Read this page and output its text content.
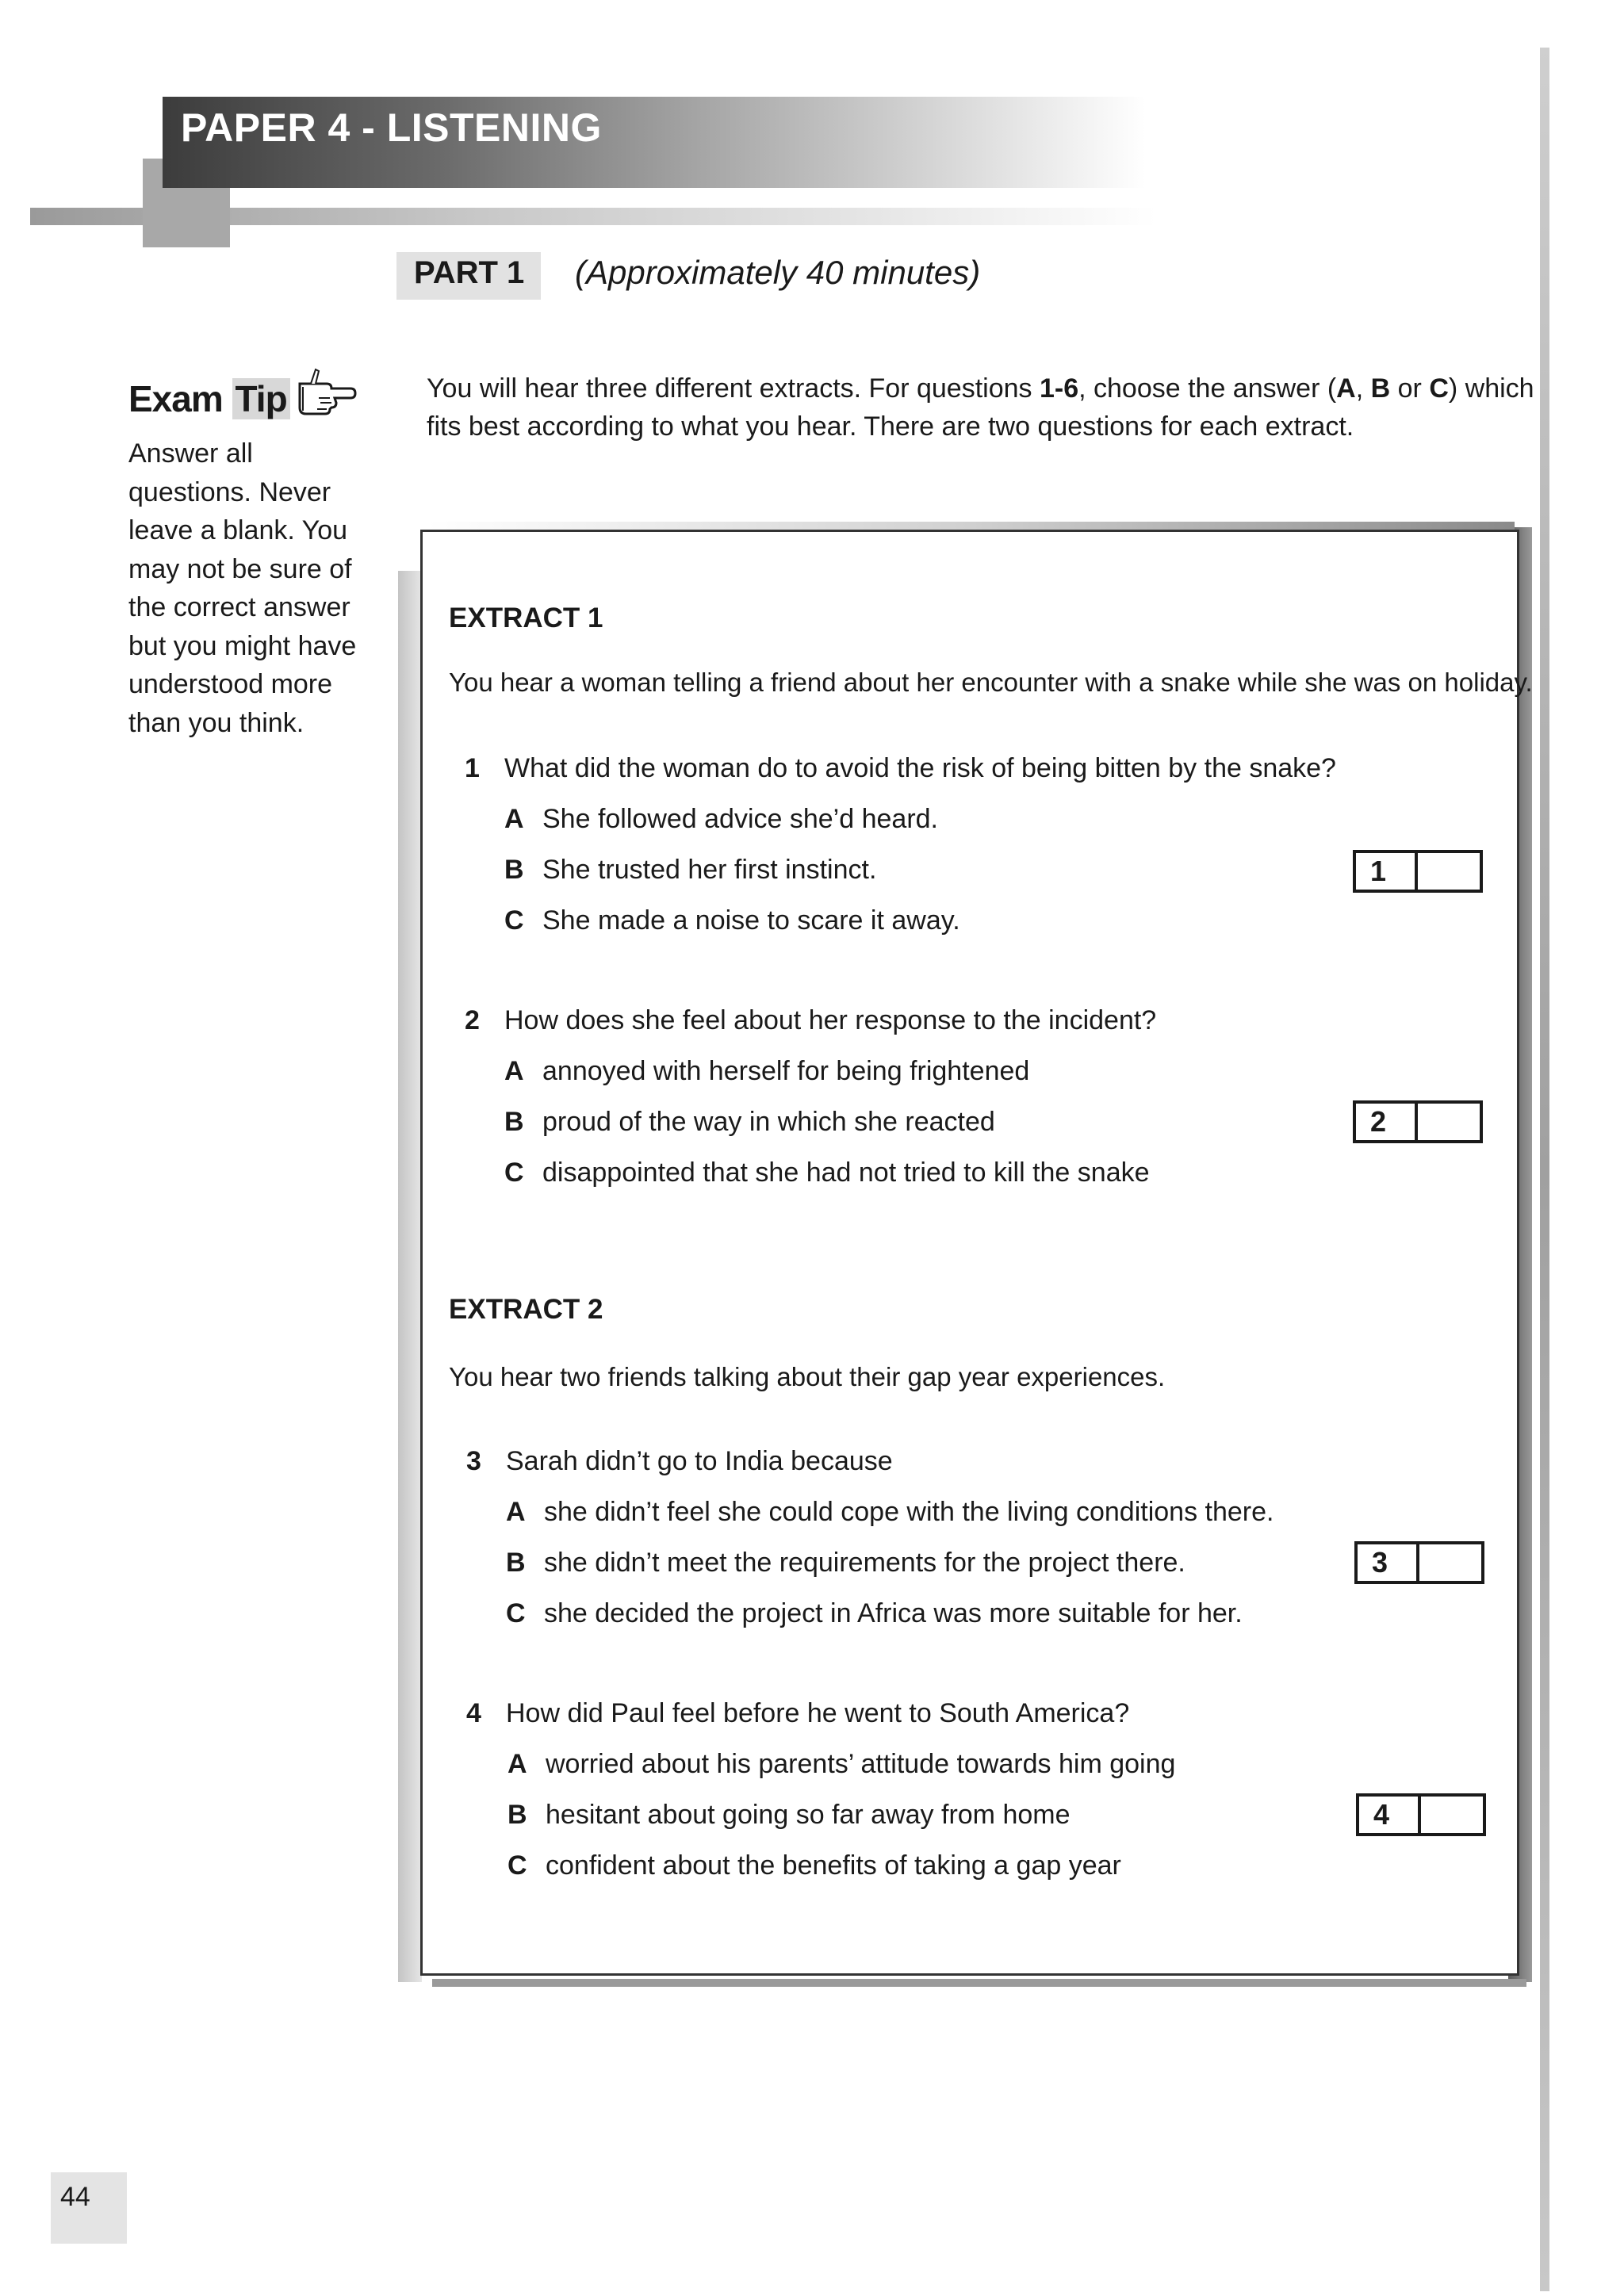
PAPER 4 - LISTENING
PART 1 (Approximately 40 minutes)
Exam Tip
Answer all questions. Never leave a blank. You may not be sure of the correct answer but you might have understood more than you think.
You will hear three different extracts. For questions 1-6, choose the answer (A, B or C) which fits best according to what you hear. There are two questions for each extract.
EXTRACT 1
You hear a woman telling a friend about her encounter with a snake while she was on holiday.
1 What did the woman do to avoid the risk of being bitten by the snake?
A She followed advice she’d heard.
B She trusted her first instinct.
C She made a noise to scare it away.
1
2 How does she feel about her response to the incident?
A annoyed with herself for being frightened
B proud of the way in which she reacted
C disappointed that she had not tried to kill the snake
2
EXTRACT 2
You hear two friends talking about their gap year experiences.
3 Sarah didn’t go to India because
A she didn’t feel she could cope with the living conditions there.
B she didn’t meet the requirements for the project there.
C she decided the project in Africa was more suitable for her.
3
4 How did Paul feel before he went to South America?
A worried about his parents’ attitude towards him going
B hesitant about going so far away from home
C confident about the benefits of taking a gap year
4
44
